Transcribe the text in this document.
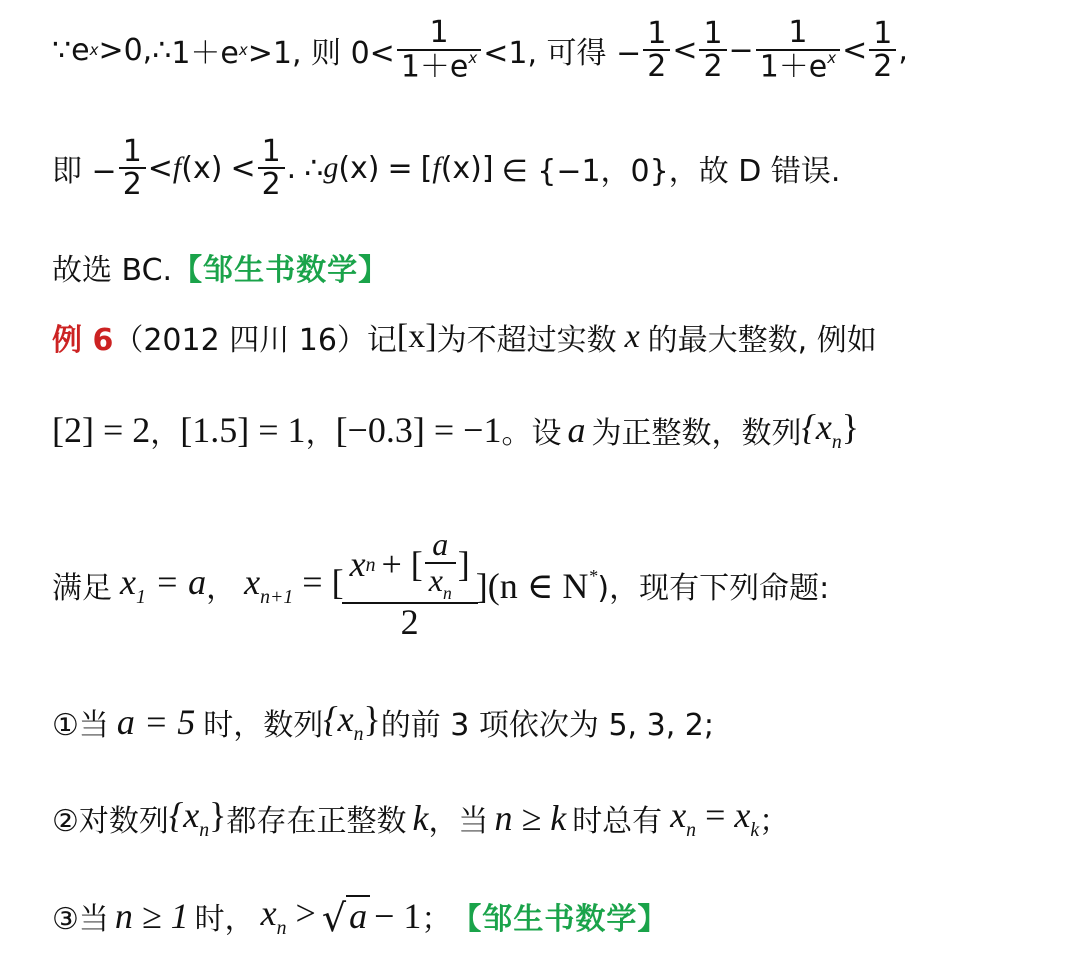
∵ e x >0, ∴ 1＋e x >1, 则 $0< \frac{1}{1+e^x} <1$, 可得 − $\frac{1}{2} < \frac{1}{2} - \frac{1}{1+e^x} < \frac{1}{2}$ ,
即 − $\frac{1}{2} < f$ $(x) < \frac{1}{2}$ . ∴ g (x) = [ f (x) ] ∈ {−1，0}，故 D 错误.
故选 BC. 【邹生书数学】
例 6 （2012 四川 16）记 [x] 为不超过实数 x 的最大整数, 例如
[2] = 2 ， [1.5] = 1 ， [−0.3] = −1 。设 a 为正整数，数列 $\{x_n\}$
满足 $x_1 = a$ ， $x_{n+1}$ = [ $\frac{x n + [ \frac{a}{x_n} ]}{2} ](n$ ∈ N*)，现有下列命题:
①当 a = 5 时，数列 $\{x_n\}$ 的前 3 项依次为 5, 3, 2;
②对数列 $\{x_n\}$ 都存在正整数 k ，当 n ≥ k 时总有 $x_n = x_k$ ；
③当 n ≥ 1 时， $x_n$ > √ a − 1 ； 【邹生书数学】
